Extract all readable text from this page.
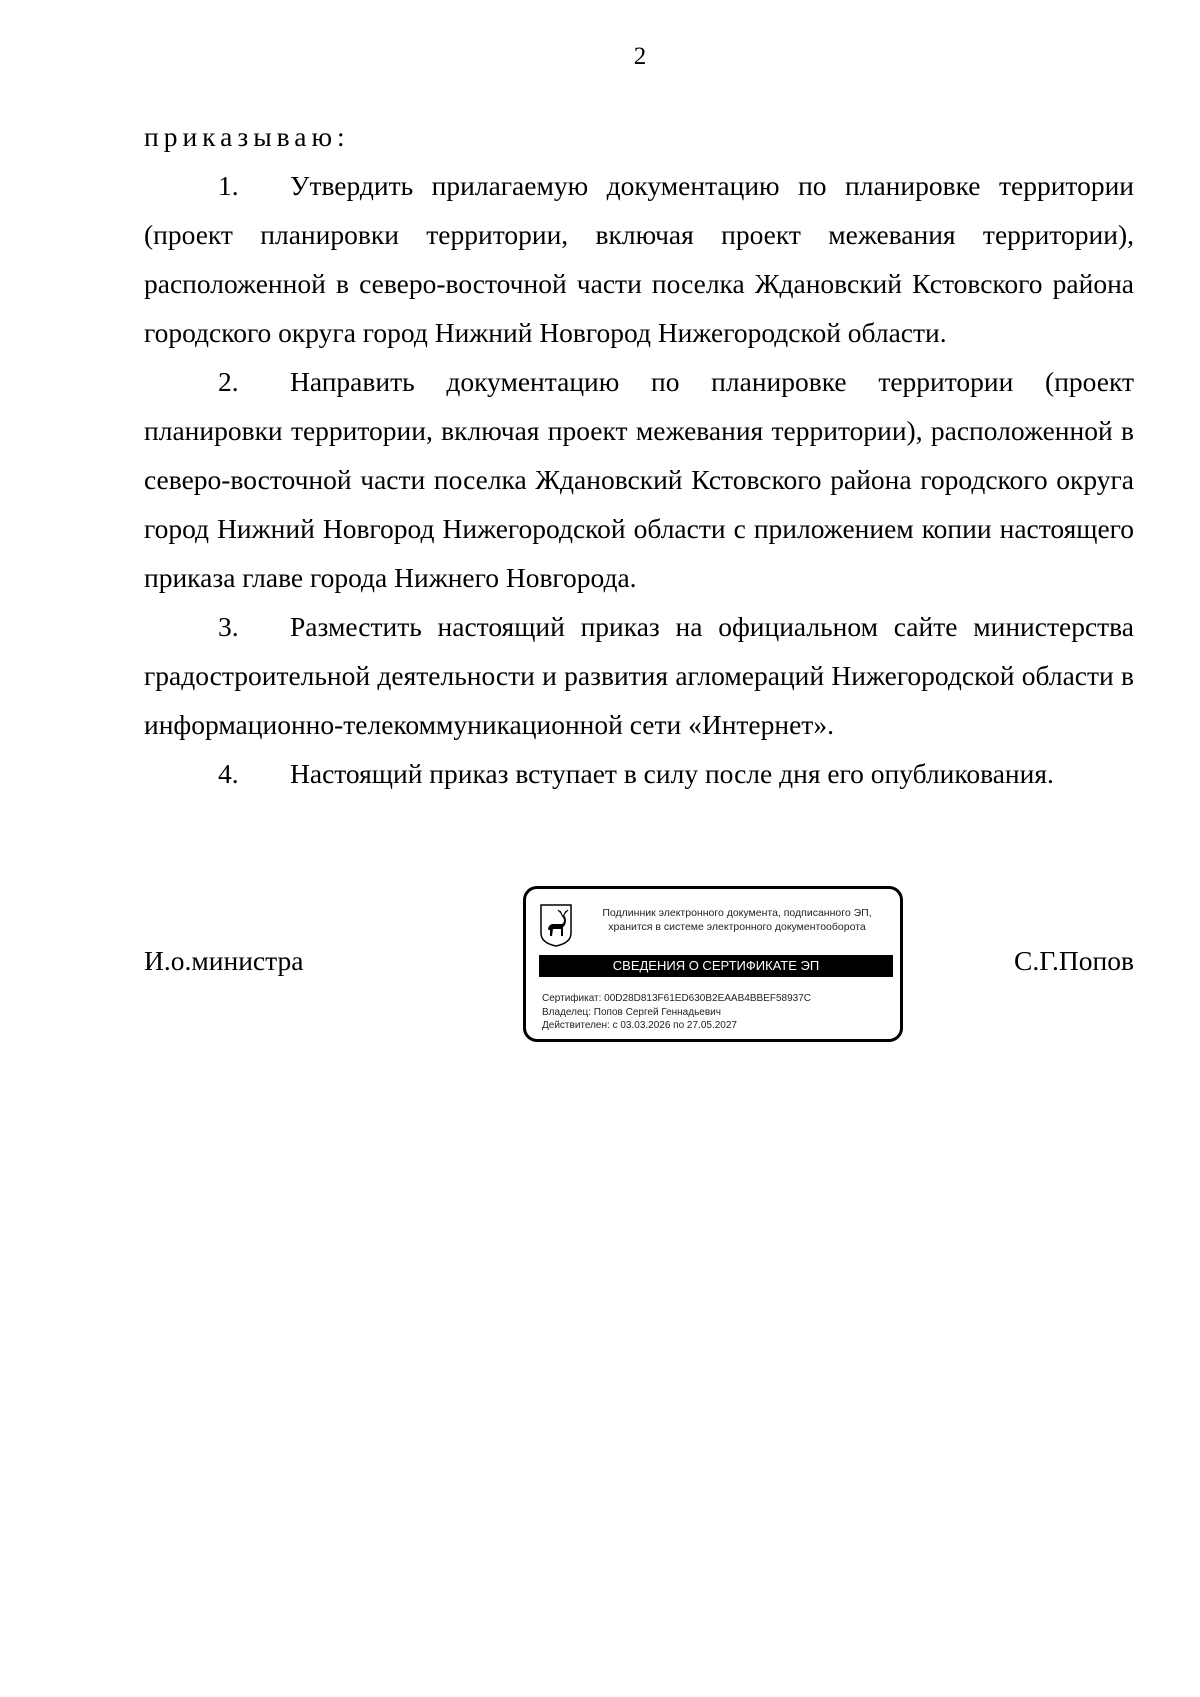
2

приказываю:

1. Утвердить прилагаемую документацию по планировке территории (проект планировки территории, включая проект межевания территории), расположенной в северо-восточной части поселка Ждановский Кстовского района городского округа город Нижний Новгород Нижегородской области.

2. Направить документацию по планировке территории (проект планировки территории, включая проект межевания территории), расположенной в северо-восточной части поселка Ждановский Кстовского района городского округа город Нижний Новгород Нижегородской области с приложением копии настоящего приказа главе города Нижнего Новгорода.

3. Разместить настоящий приказ на официальном сайте министерства градостроительной деятельности и развития агломераций Нижегородской области в информационно-телекоммуникационной сети «Интернет».

4. Настоящий приказ вступает в силу после дня его опубликования.

И.о.министра	С.Г.Попов
Подлинник электронного документа, подписанного ЭП,
хранится в системе электронного документооборота
СВЕДЕНИЯ О СЕРТИФИКАТЕ ЭП
Сертификат: 00D28D813F61ED630B2EAAB4BBEF58937C
Владелец: Попов Сергей Геннадьевич
Действителен: с 03.03.2026 по 27.05.2027
